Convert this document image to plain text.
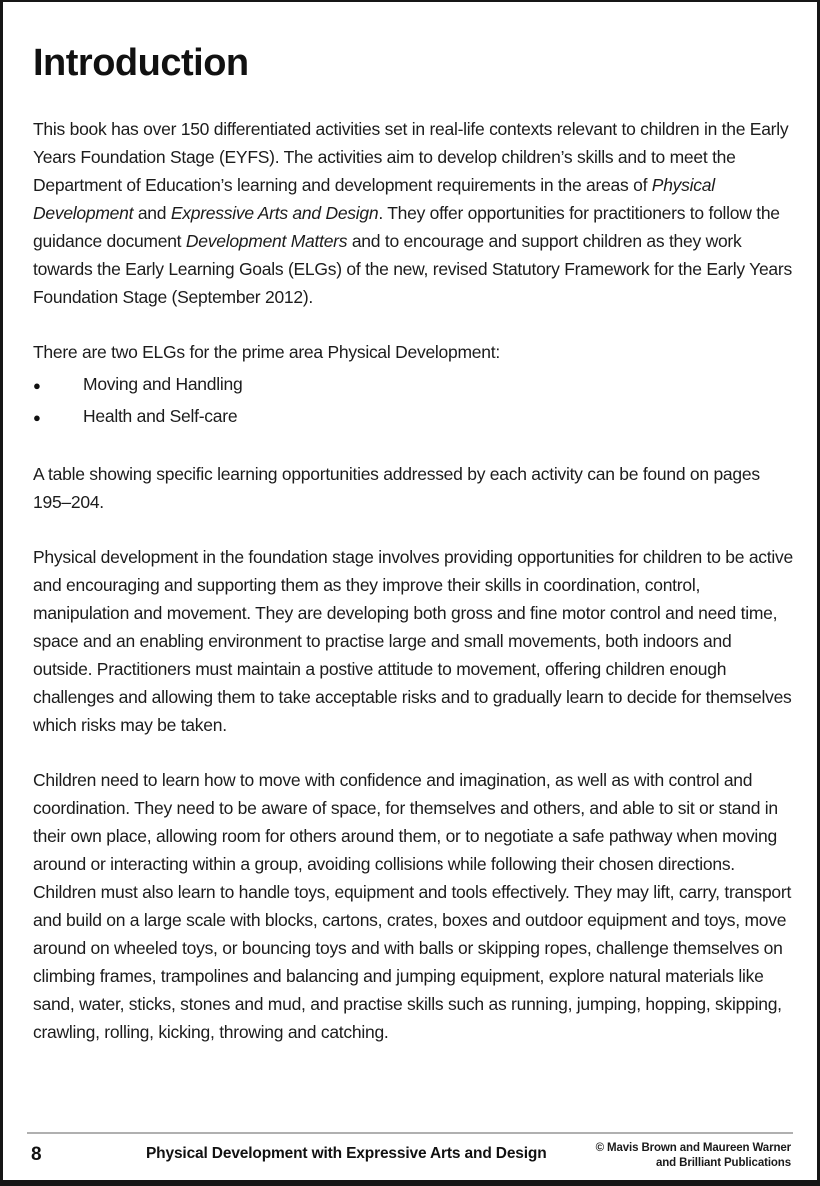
Introduction

This book has over 150 differentiated activities set in real-life contexts relevant to children in the Early Years Foundation Stage (EYFS). The activities aim to develop children’s skills and to meet the Department of Education’s learning and development requirements in the areas of Physical Development and Expressive Arts and Design. They offer opportunities for practitioners to follow the guidance document Development Matters and to encourage and support children as they work towards the Early Learning Goals (ELGs) of the new, revised Statutory Framework for the Early Years Foundation Stage (September 2012).

There are two ELGs for the prime area Physical Development:

●	Moving and Handling
●	Health and Self-care

A table showing specific learning opportunities addressed by each activity can be found on pages 195–204.

Physical development in the foundation stage involves providing opportunities for children to be active and encouraging and supporting them as they improve their skills in coordination, control, manipulation and movement. They are developing both gross and fine motor control and need time, space and an enabling environment to practise large and small movements, both indoors and outside. Practitioners must maintain a postive attitude to movement, offering children enough challenges and allowing them to take acceptable risks and to gradually learn to decide for themselves which risks may be taken.

Children need to learn how to move with confidence and imagination, as well as with control and coordination. They need to be aware of space, for themselves and others, and able to sit or stand in their own place, allowing room for others around them, or to negotiate a safe pathway when moving around or interacting within a group, avoiding collisions while following their chosen directions. Children must also learn to handle toys, equipment and tools effectively. They may lift, carry, transport and build on a large scale with blocks, cartons, crates, boxes and outdoor equipment and toys, move around on wheeled toys, or bouncing toys and with balls or skipping ropes, challenge themselves on climbing frames, trampolines and balancing and jumping equipment, explore natural materials like sand, water, sticks, stones and mud, and practise skills such as running, jumping, hopping, skipping, crawling, rolling, kicking, throwing and catching.

8	Physical Development with Expressive Arts and Design	© Mavis Brown and Maureen Warner
and Brilliant Publications
